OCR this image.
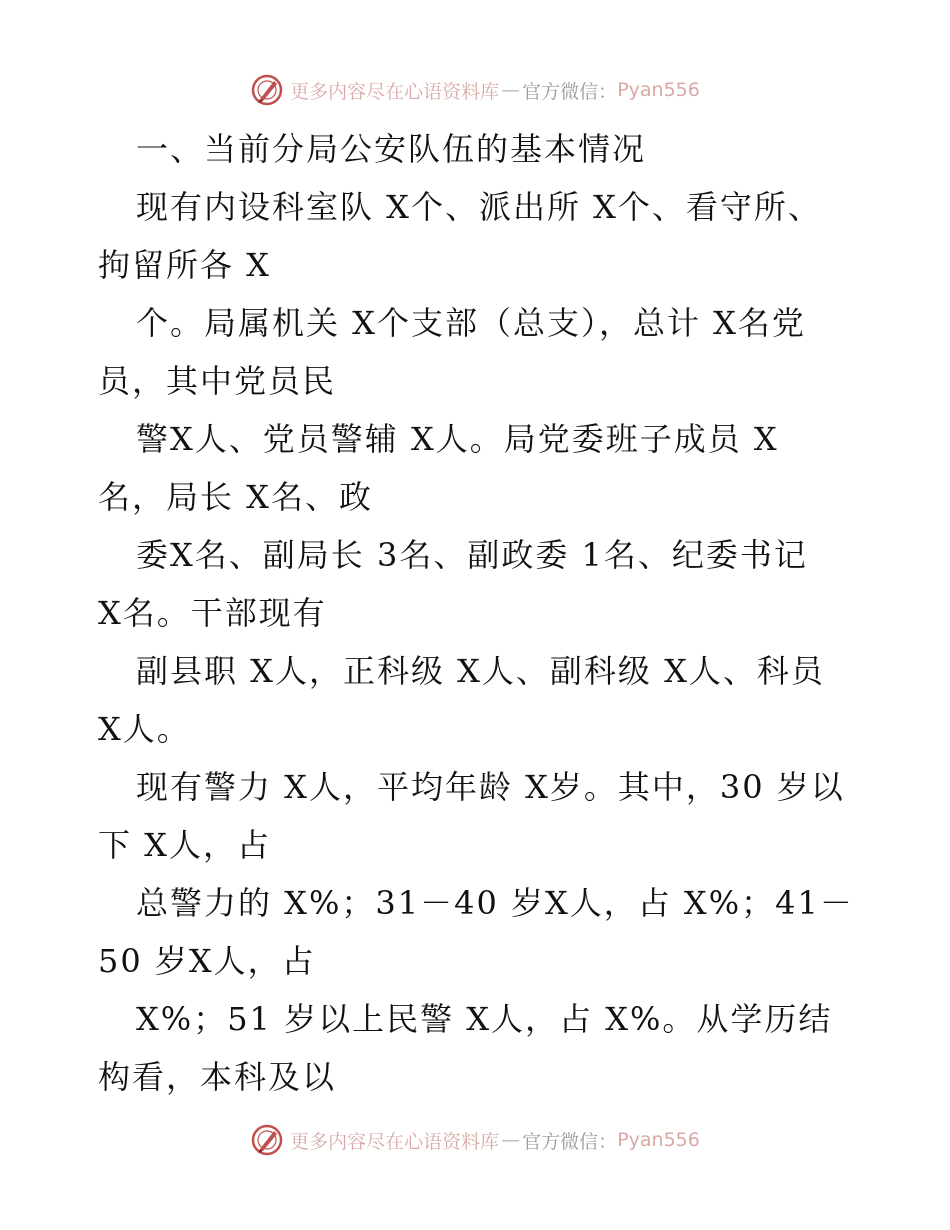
更多内容尽在心语资料库 — 官方微信： Pyan556
一、当前分局公安队伍的基本情况
现有内设科室队 X个、派出所 X个、看守所、
拘留所各 X
个。局属机关 X个支部（总支），总计 X名党
员，其中党员民
警X人、党员警辅 X人。局党委班子成员 X
名，局长 X名、政
委X名、副局长 3名、副政委 1名、纪委书记
X名。干部现有
副县职 X人，正科级 X人、副科级 X人、科员
X人。
现有警力 X人，平均年龄 X岁。其中，30 岁以
下 X人，占
总警力的 X%；31－40 岁X人，占 X%；41－
50 岁X人，占
X%；51 岁以上民警 X人，占 X%。从学历结
构看，本科及以
更多内容尽在心语资料库 — 官方微信： Pyan556
